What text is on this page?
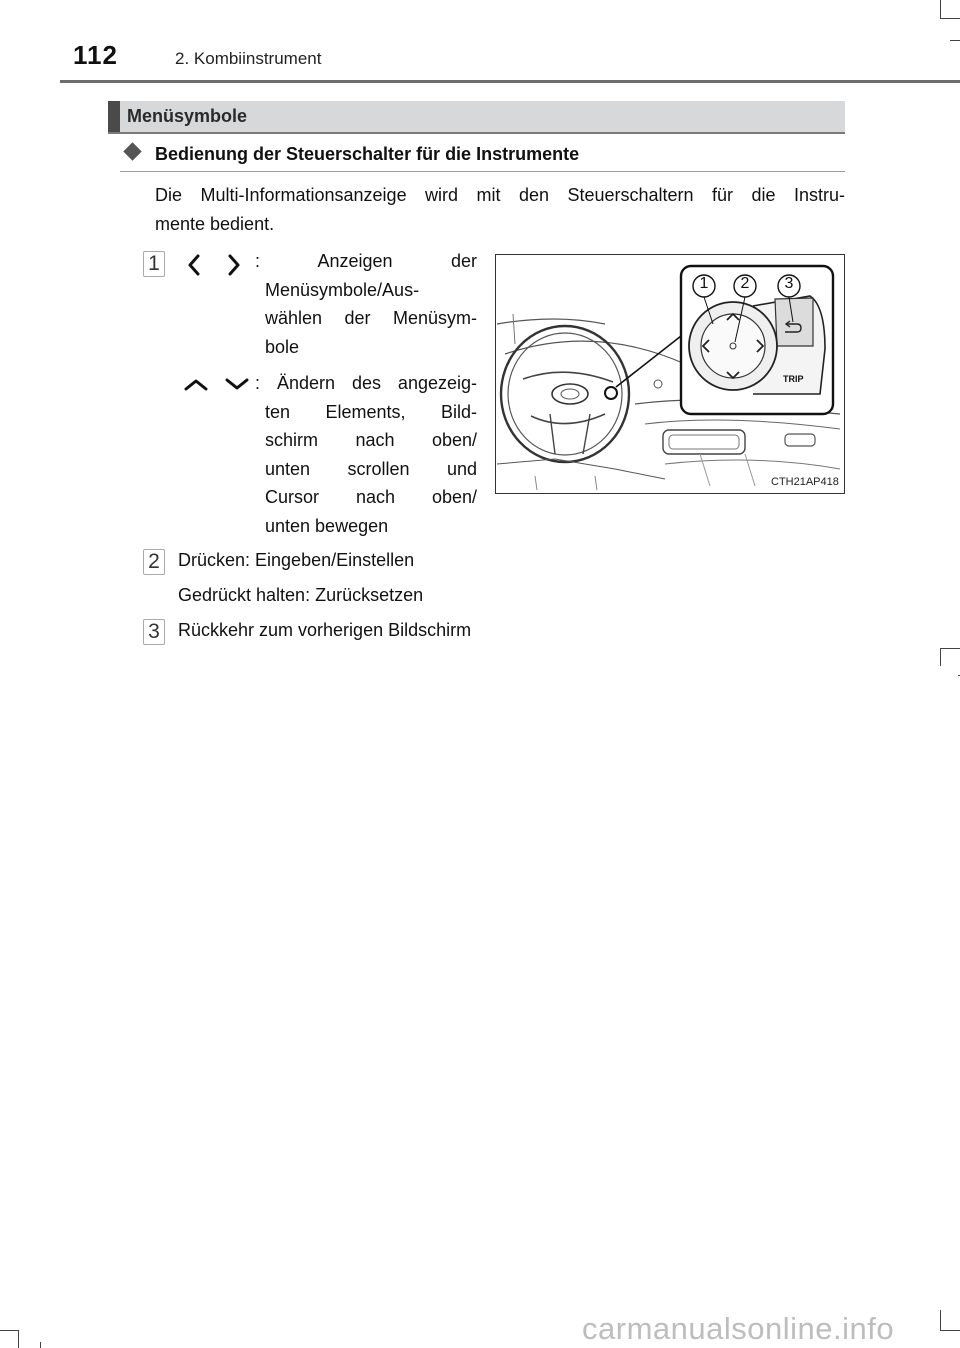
112	2. Kombiinstrument
Menüsymbole
Bedienung der Steuerschalter für die Instrumente
Die Multi-Informationsanzeige wird mit den Steuerschaltern für die Instru-
mente bedient.
1	: Anzeigen der
Menüsymbole/Aus-
wählen der Menüsym-
bole
: Ändern des angezeig-
ten Elements, Bild-
schirm nach oben/
unten scrollen und
Cursor nach oben/
unten bewegen
1 2 3
TRIP
CTH21AP418
2 Drücken: Eingeben/Einstellen
Gedrückt halten: Zurücksetzen
3 Rückkehr zum vorherigen Bildschirm
carmanualsonline.info
